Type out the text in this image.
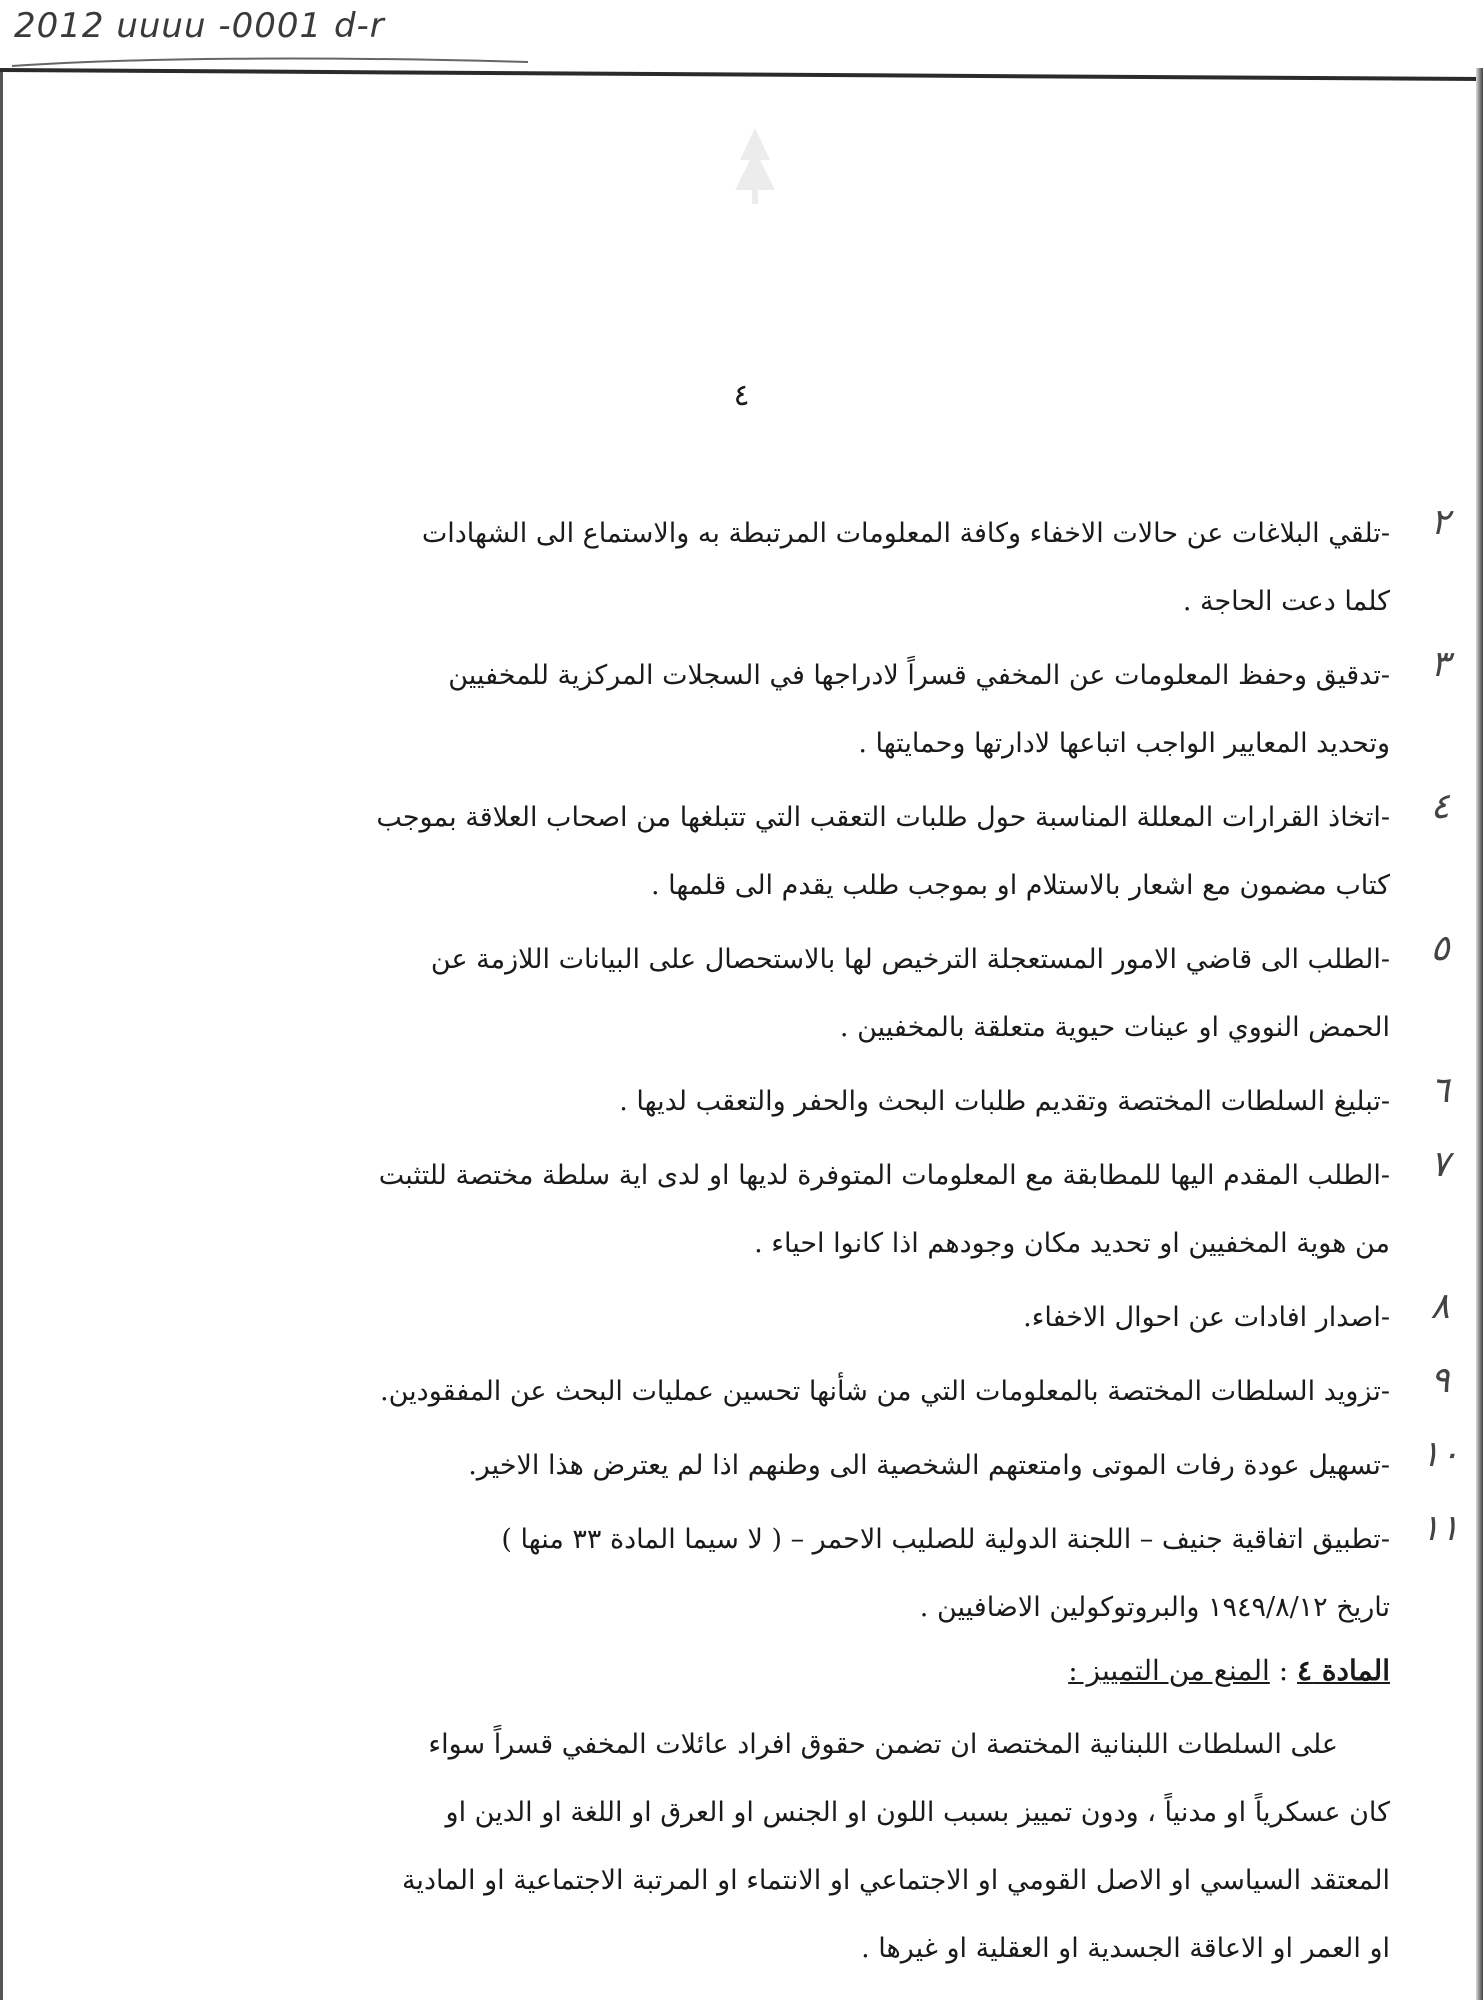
2012 uuuu -0001 d-r
٤
٢
-تلقي البلاغات عن حالات الاخفاء وكافة المعلومات المرتبطة به والاستماع الى الشهادات
كلما دعت الحاجة .
٣
-تدقيق وحفظ المعلومات عن المخفي قسراً لادراجها في السجلات المركزية للمخفيين
وتحديد المعايير الواجب اتباعها لادارتها وحمايتها .
٤
-اتخاذ القرارات المعللة المناسبة حول طلبات التعقب التي تتبلغها من اصحاب العلاقة بموجب
كتاب مضمون مع اشعار بالاستلام او بموجب طلب يقدم الى قلمها .
٥
-الطلب الى قاضي الامور المستعجلة الترخيص لها بالاستحصال على البيانات اللازمة عن
الحمض النووي او عينات حيوية متعلقة بالمخفيين .
٦
-تبليغ السلطات المختصة وتقديم طلبات البحث والحفر والتعقب لديها .
٧
-الطلب المقدم اليها للمطابقة مع المعلومات المتوفرة لديها او لدى اية سلطة مختصة للتثبت
من هوية المخفيين او تحديد مكان وجودهم اذا كانوا احياء .
٨
-اصدار افادات عن احوال الاخفاء.
٩
-تزويد السلطات المختصة بالمعلومات التي من شأنها تحسين عمليات البحث عن المفقودين.
١٠
-تسهيل عودة رفات الموتى وامتعتهم الشخصية الى وطنهم اذا لم يعترض هذا الاخير.
١١
-تطبيق اتفاقية جنيف – اللجنة الدولية للصليب الاحمر – ( لا سيما المادة ٣٣ منها )
تاريخ ١٩٤٩/٨/١٢ والبروتوكولين الاضافيين .
المادة ٤ : المنع من التمييز :
على السلطات اللبنانية المختصة ان تضمن حقوق افراد عائلات المخفي قسراً سواء
كان عسكرياً او مدنياً ، ودون تمييز بسبب اللون او الجنس او العرق او اللغة او الدين او
المعتقد السياسي او الاصل القومي او الاجتماعي او الانتماء او المرتبة الاجتماعية او المادية
او العمر او الاعاقة الجسدية او العقلية او غيرها .
